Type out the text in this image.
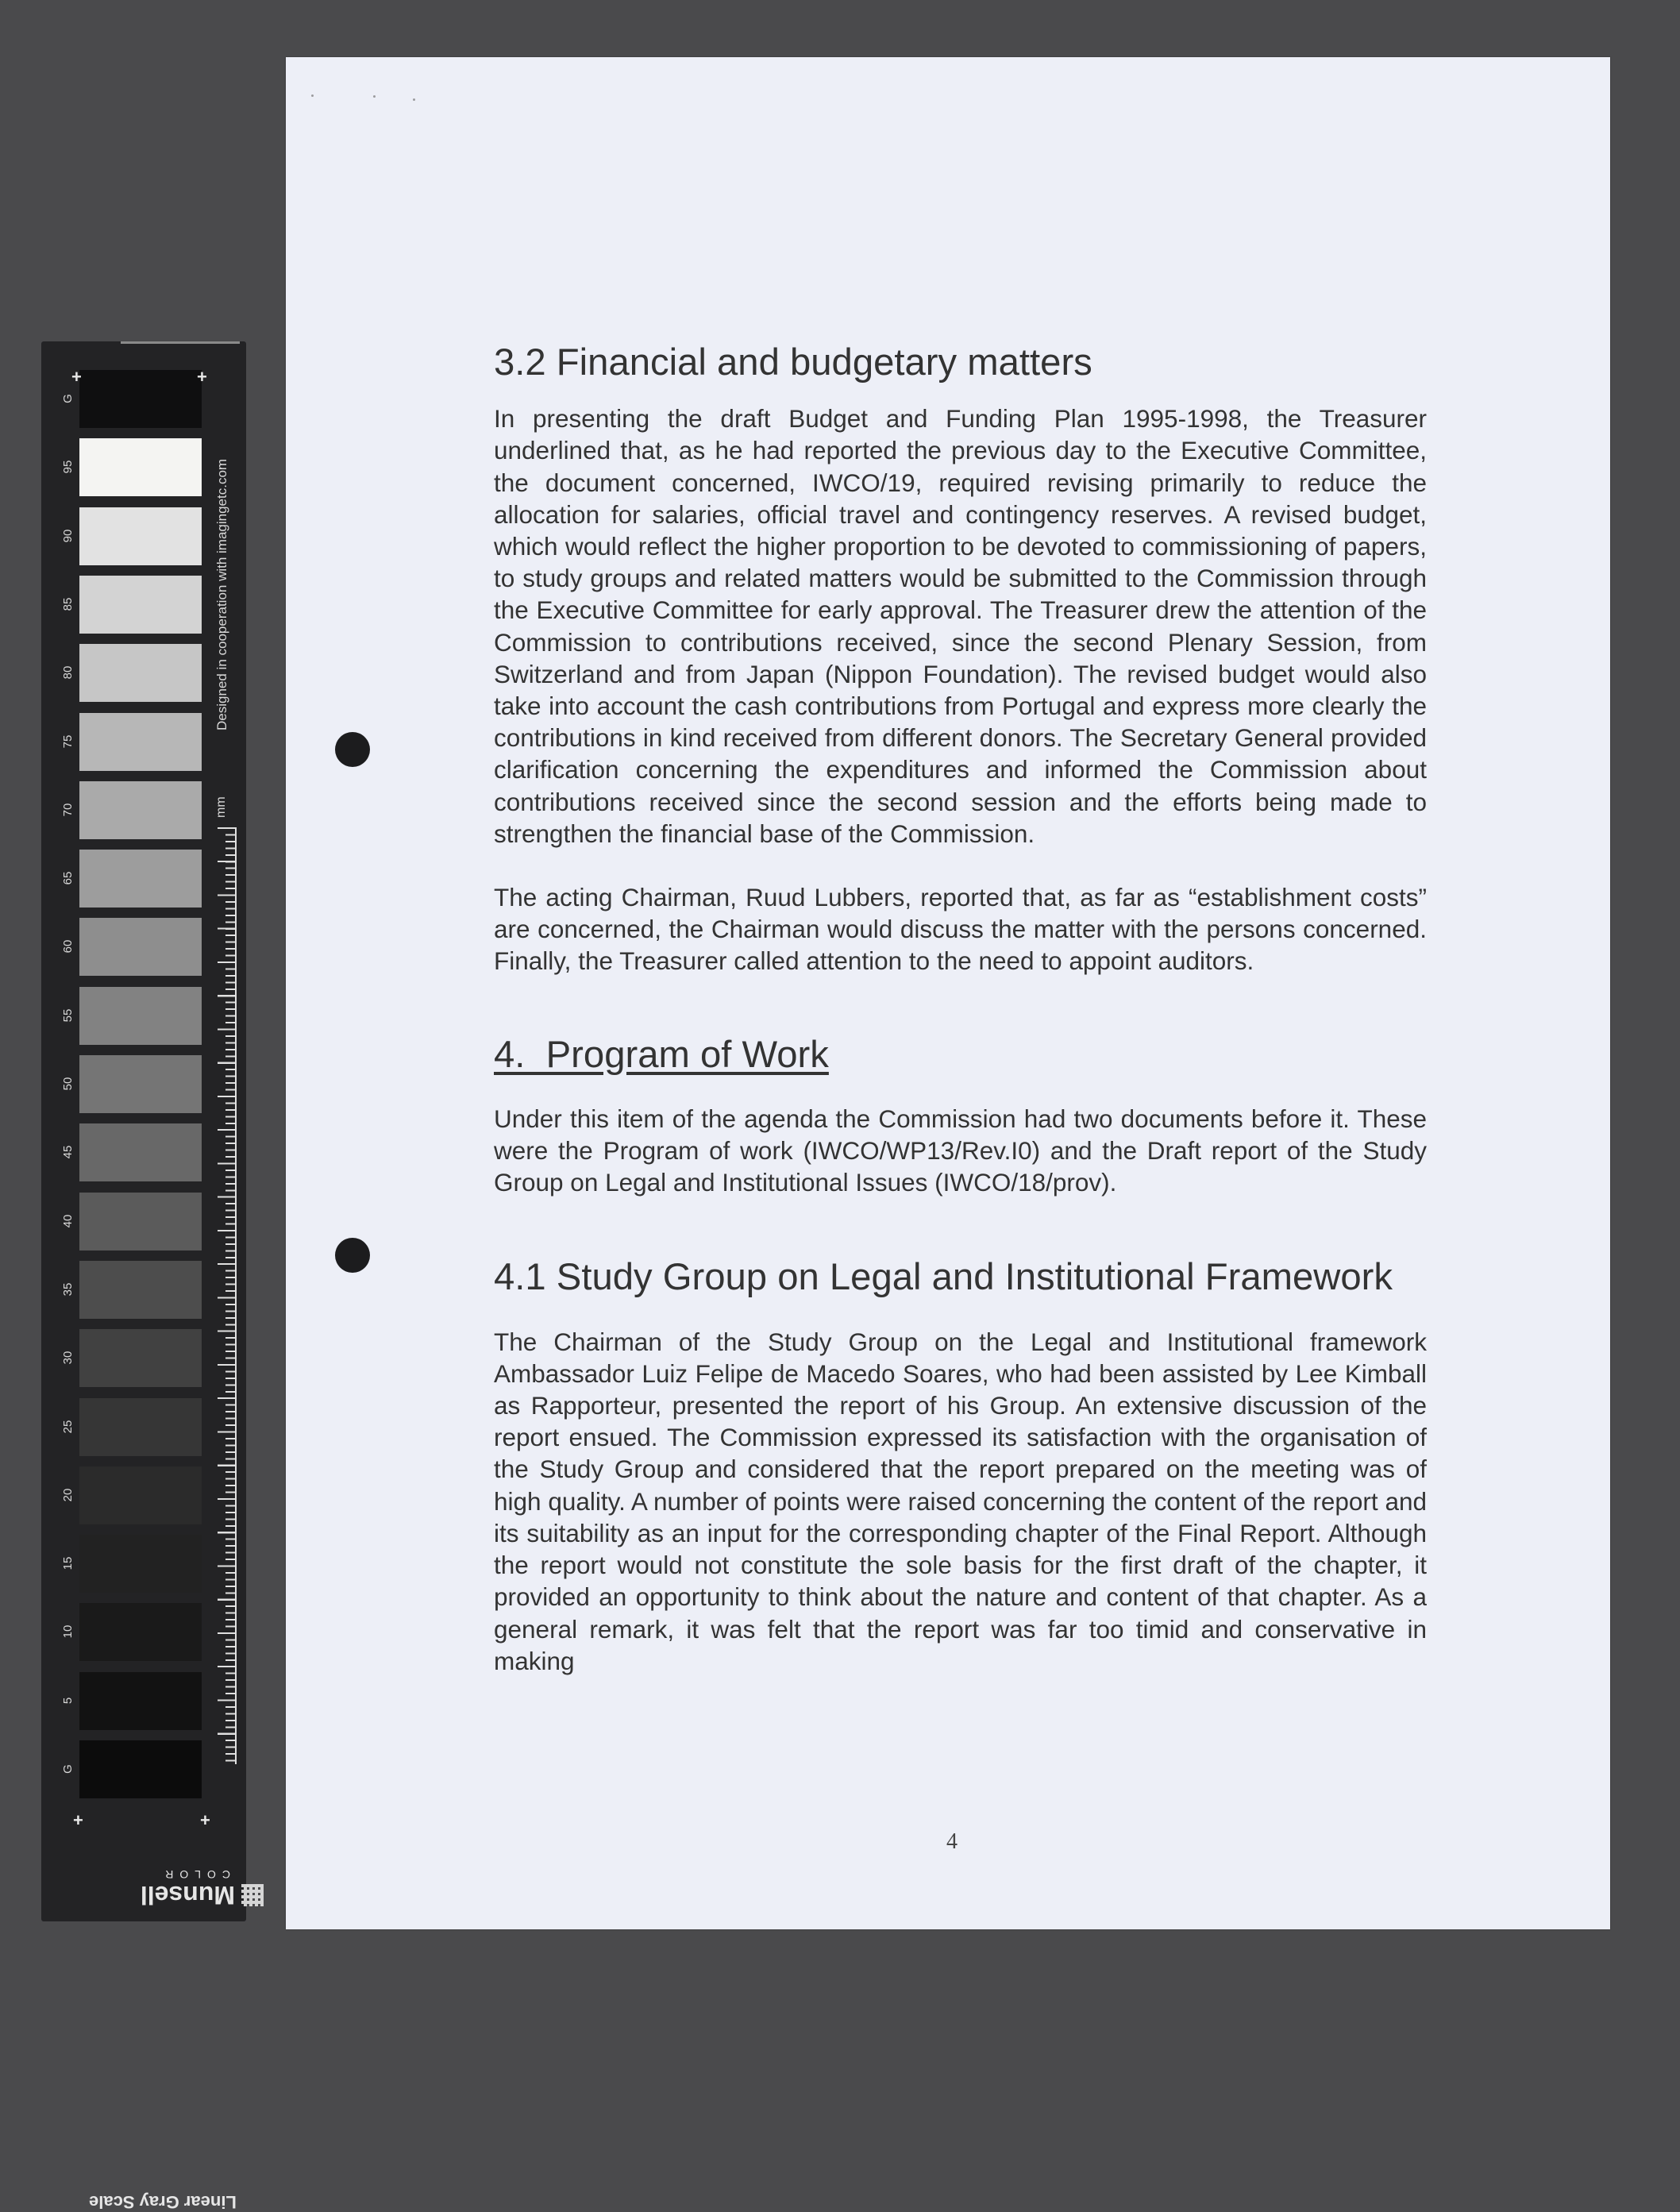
+	+
+	+
Designed in cooperation with imagingetc.com
mm
Linear Gray Scale
Munsell
COLOR
G
95
90
85
80
75
70
65
60
55
50
45
40
35
30
25
20
15
10
5
G
3.2 Financial and budgetary matters

In presenting the draft Budget and Funding Plan 1995-1998, the Treasurer underlined that, as he had reported the previous day to the Executive Committee, the document concerned, IWCO/19, required revising primarily to reduce the allocation for salaries, official travel and contingency reserves. A revised budget, which would reflect the higher proportion to be devoted to commissioning of papers, to study groups and related matters would be submitted to the Commission through the Executive Committee for early approval. The Treasurer drew the attention of the Commission to contributions received, since the second Plenary Session, from Switzerland and from Japan (Nippon Foundation). The revised budget would also take into account the cash contributions from Portugal and express more clearly the contributions in kind received from different donors. The Secretary General provided clarification concerning the expenditures and informed the Commission about contributions received since the second session and the efforts being made to strengthen the financial base of the Commission.

The acting Chairman, Ruud Lubbers, reported that, as far as “establishment costs” are concerned, the Chairman would discuss the matter with the persons concerned. Finally, the Treasurer called attention to the need to appoint auditors.

4.  Program of Work

Under this item of the agenda the Commission had two documents before it. These were the Program of work (IWCO/WP13/Rev.I0) and the Draft report of the Study Group on Legal and Institutional Issues (IWCO/18/prov).

4.1 Study Group on Legal and Institutional Framework

The Chairman of the Study Group on the Legal and Institutional framework Ambassador Luiz Felipe de Macedo Soares, who had been assisted by Lee Kimball as Rapporteur, presented the report of his Group. An extensive discussion of the report ensued. The Commission expressed its satisfaction with the organisation of the Study Group and considered that the report prepared on the meeting was of high quality. A number of points were raised concerning the content of the report and its suitability as an input for the corresponding chapter of the Final Report. Although the report would not constitute the sole basis for the first draft of the chapter, it provided an opportunity to think about the nature and content of that chapter. As a general remark, it was felt that the report was far too timid and conservative in making

4
